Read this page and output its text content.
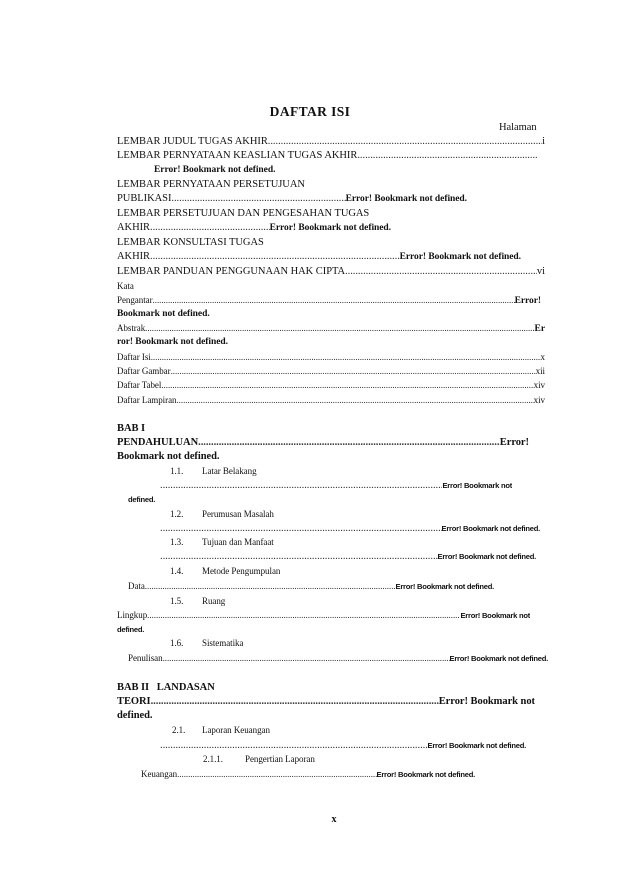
DAFTAR ISI
Halaman
LEMBAR JUDUL TUGAS AKHIR .....	i
LEMBAR PERNYATAAN KEASLIAN TUGAS AKHIR
.....
Error! Bookmark not defined.
LEMBAR PERNYATAAN PERSETUJUAN
PUBLIKASI .....	Error! Bookmark not defined.
LEMBAR PERSETUJUAN DAN PENGESAHAN TUGAS
AKHIR .....	Error! Bookmark not defined.
LEMBAR KONSULTASI TUGAS
AKHIR .....	Error! Bookmark not defined.
LEMBAR PANDUAN PENGGUNAAN HAK CIPTA .....	vi
Kata
Pengantar .....	Error!
Bookmark not defined.
Abstrak .....	Er
ror! Bookmark not defined.
Daftar Isi .....	x
Daftar Gambar .....	xii
Daftar Tabel .....	xiv
Daftar Lampiran .....	xiv
BAB I
PENDAHULUAN .....	Error!
Bookmark not defined.
1.1. Latar Belakang
.....
Error! Bookmark not
defined.
1.2. Perumusan Masalah
.....
Error! Bookmark not defined.
1.3. Tujuan dan Manfaat
.....
Error! Bookmark not defined.
1.4. Metode Pengumpulan
Data .....	Error! Bookmark not defined.
1.5. Ruang
Lingkup .....	Error! Bookmark not
defined.
1.6. Sistematika
Penulisan .....	Error! Bookmark not defined.
BAB II   LANDASAN
TEORI .....	Error! Bookmark not
defined.
2.1. Laporan Keuangan
.....
Error! Bookmark not defined.
2.1.1. Pengertian Laporan
Keuangan .....	Error! Bookmark not defined.
x
